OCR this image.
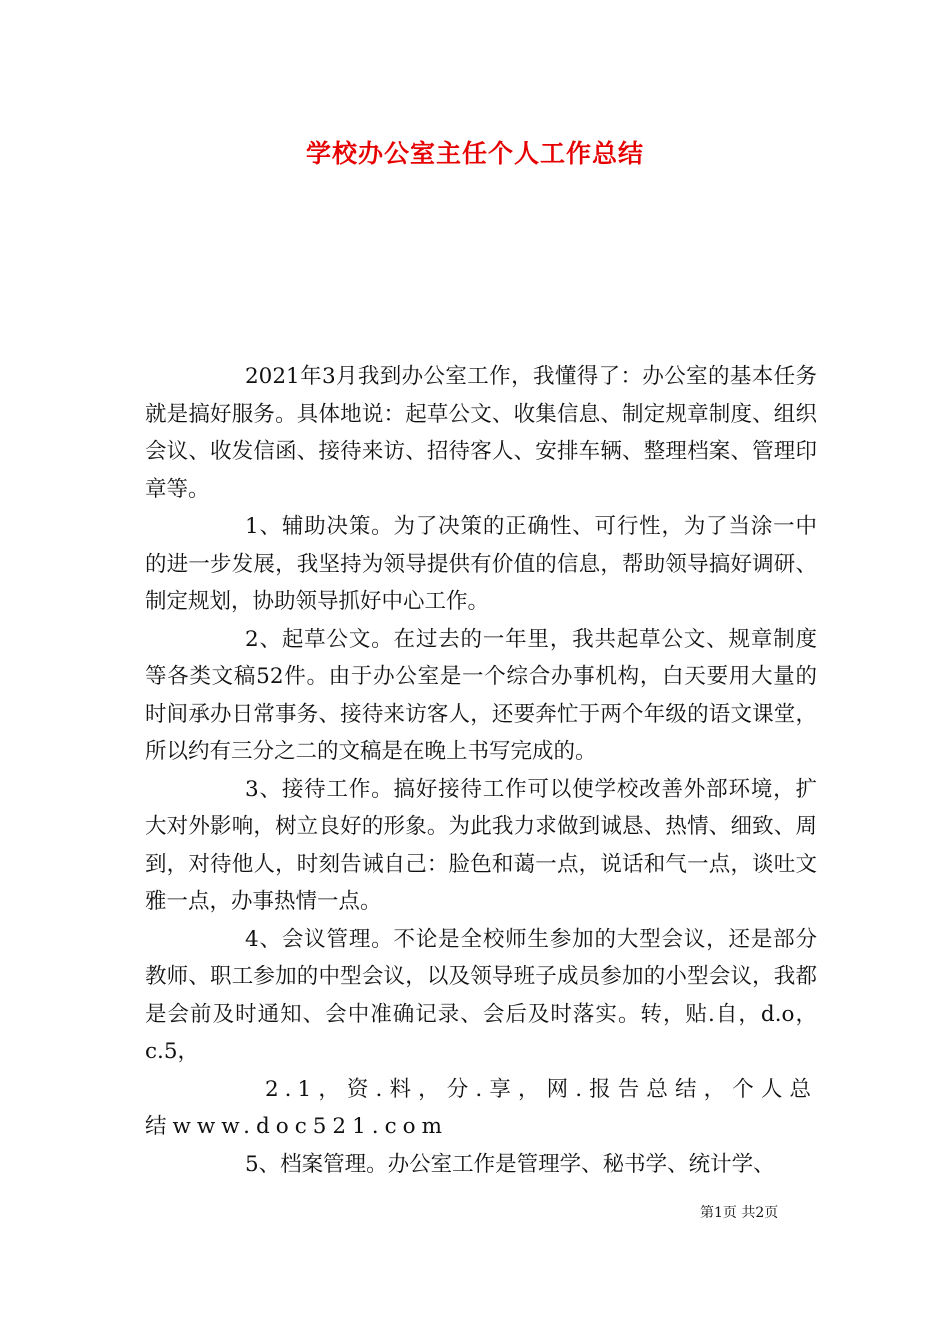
学校办公室主任个人工作总结

2021年3月我到办公室工作，我懂得了：办公室的基本任务就是搞好服务。具体地说：起草公文、收集信息、制定规章制度、组织会议、收发信函、接待来访、招待客人、安排车辆、整理档案、管理印章等。

1、辅助决策。为了决策的正确性、可行性，为了当涂一中的进一步发展，我坚持为领导提供有价值的信息，帮助领导搞好调研、制定规划，协助领导抓好中心工作。

2、起草公文。在过去的一年里，我共起草公文、规章制度等各类文稿52件。由于办公室是一个综合办事机构，白天要用大量的时间承办日常事务、接待来访客人，还要奔忙于两个年级的语文课堂，所以约有三分之二的文稿是在晚上书写完成的。

3、接待工作。搞好接待工作可以使学校改善外部环境，扩大对外影响，树立良好的形象。为此我力求做到诚恳、热情、细致、周到，对待他人，时刻告诫自己：脸色和蔼一点，说话和气一点，谈吐文雅一点，办事热情一点。

4、会议管理。不论是全校师生参加的大型会议，还是部分教师、职工参加的中型会议，以及领导班子成员参加的小型会议，我都是会前及时通知、会中准确记录、会后及时落实。转，贴.自，d.o，c.5，

2.1，资.料，分.享，网.报告总结，个人总结www.doc521.com

5、档案管理。办公室工作是管理学、秘书学、统计学、

第1页 共2页
